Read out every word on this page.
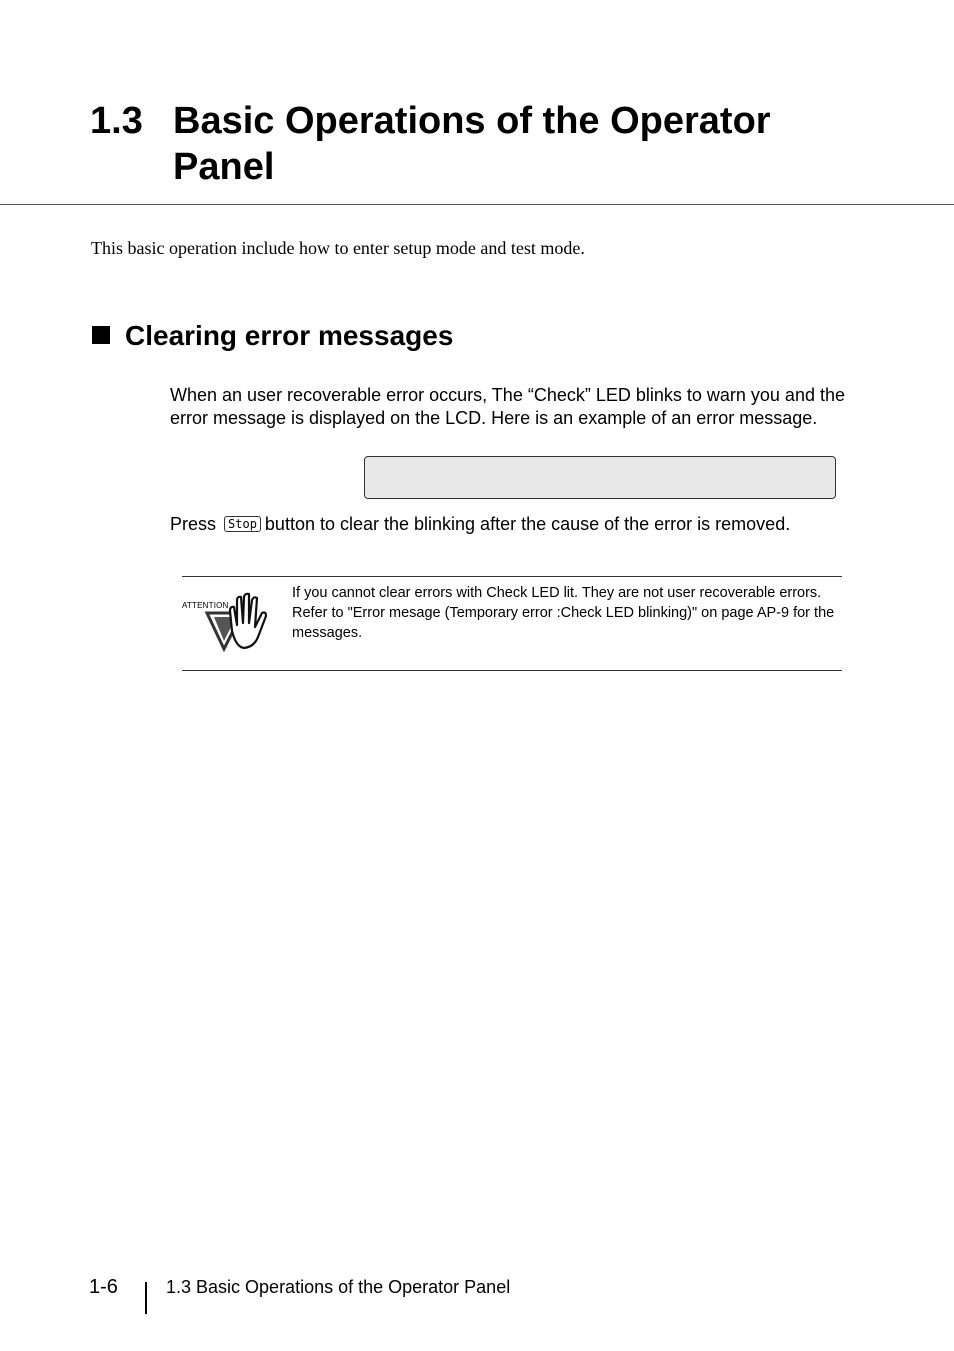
1.3 Basic Operations of the Operator Panel
This basic operation include how to enter setup mode and test mode.
Clearing error messages
When an user recoverable error occurs, The “Check” LED blinks to warn you and the error message is displayed on the LCD. Here is an example of an error message.
Press Stop button to clear the blinking after the cause of the error is removed.
ATTENTION

If you cannot clear errors with Check LED lit. They are not user recoverable errors.

Refer to "Error mesage (Temporary error :Check LED blinking)" on page AP-9 for the messages.

1-6	1.3 Basic Operations of the Operator Panel
